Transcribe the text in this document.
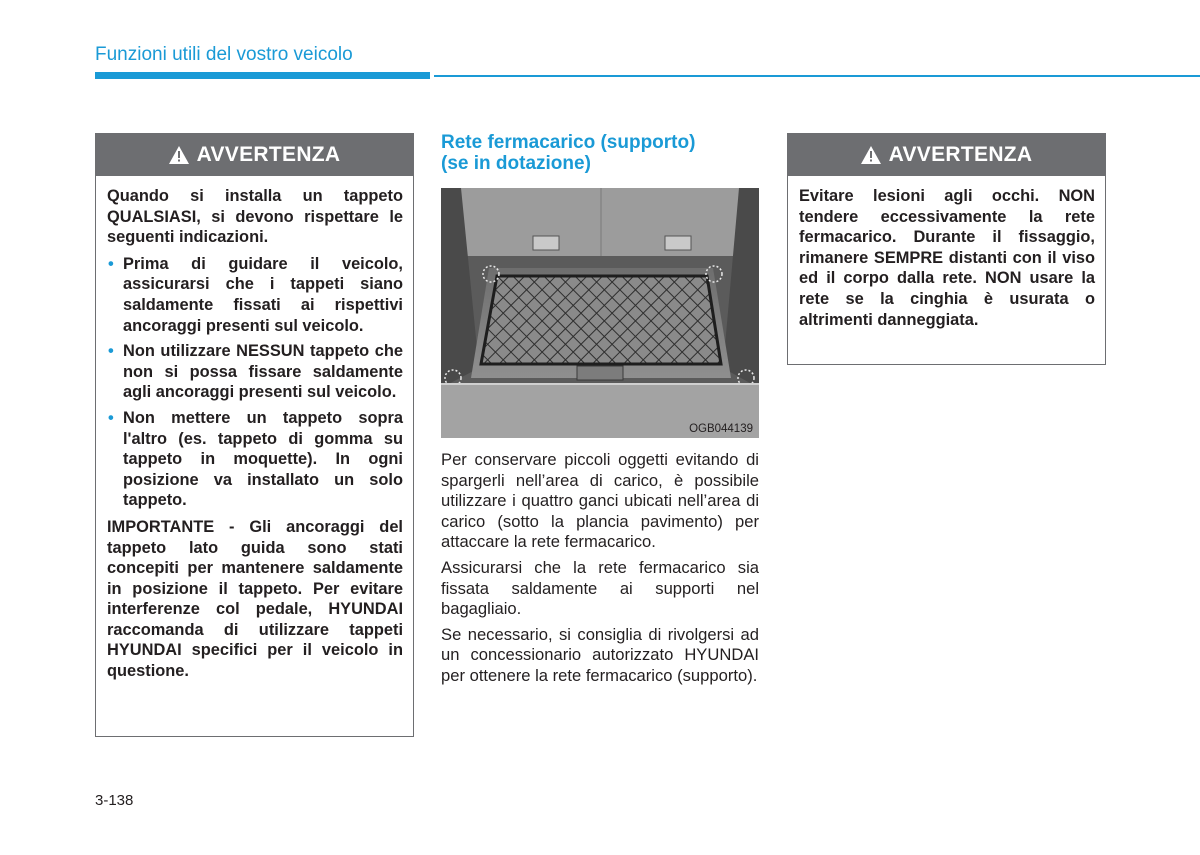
Funzioni utili del vostro veicolo
AVVERTENZA

Quando si installa un tappeto QUALSIASI, si devono rispettare le seguenti indicazioni.

• Prima di guidare il veicolo, assicurarsi che i tappeti siano saldamente fissati ai rispettivi ancoraggi presenti sul veicolo.
• Non utilizzare NESSUN tappeto che non si possa fissare saldamente agli ancoraggi presenti sul veicolo.
• Non mettere un tappeto sopra l'altro (es. tappeto di gomma su tappeto in moquette). In ogni posizione va installato un solo tappeto.

IMPORTANTE - Gli ancoraggi del tappeto lato guida sono stati concepiti per mantenere saldamente in posizione il tappeto. Per evitare interferenze col pedale, HYUNDAI raccomanda di utilizzare tappeti HYUNDAI specifici per il veicolo in questione.

Rete fermacarico (supporto)
(se in dotazione)
OGB044139

Per conservare piccoli oggetti evitando di spargerli nell’area di carico, è possibile utilizzare i quattro ganci ubicati nell’area di carico (sotto la plancia pavimento) per attaccare la rete fermacarico.

Assicurarsi che la rete fermacarico sia fissata saldamente ai supporti nel bagagliaio.

Se necessario, si consiglia di rivolgersi ad un concessionario autorizzato HYUNDAI per ottenere la rete fermacarico (supporto).

AVVERTENZA

Evitare lesioni agli occhi. NON tendere eccessivamente la rete fermacarico. Durante il fissaggio, rimanere SEMPRE distanti con il viso ed il corpo dalla rete. NON usare la rete se la cinghia è usurata o altrimenti danneggiata.

3-138
